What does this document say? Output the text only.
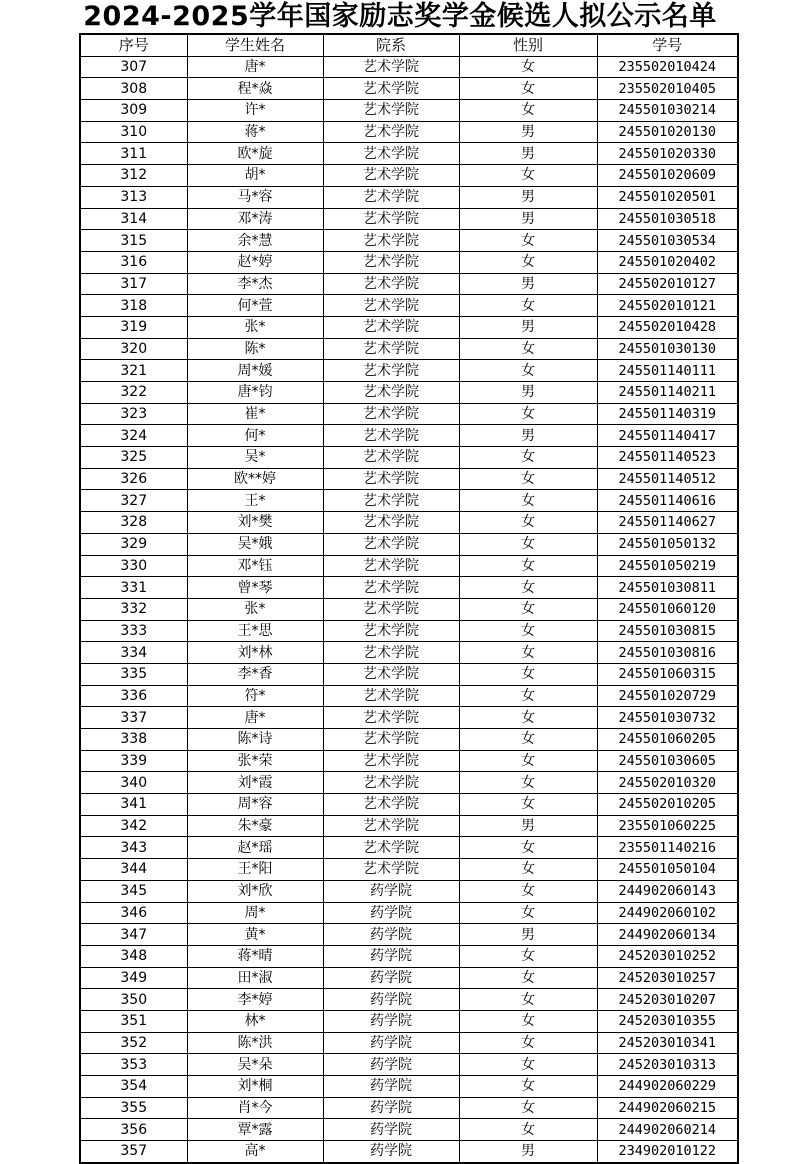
2024-2025学年国家励志奖学金候选人拟公示名单
序号	学生姓名	院系	性别	学号
307	唐*	艺术学院	女	235502010424
308	程*焱	艺术学院	女	235502010405
309	许*	艺术学院	女	245501030214
310	蒋*	艺术学院	男	245501020130
311	欧*旋	艺术学院	男	245501020330
312	胡*	艺术学院	女	245501020609
313	马*容	艺术学院	男	245501020501
314	邓*涛	艺术学院	男	245501030518
315	余*慧	艺术学院	女	245501030534
316	赵*婷	艺术学院	女	245501020402
317	李*杰	艺术学院	男	245502010127
318	何*萱	艺术学院	女	245502010121
319	张*	艺术学院	男	245502010428
320	陈*	艺术学院	女	245501030130
321	周*媛	艺术学院	女	245501140111
322	唐*钧	艺术学院	男	245501140211
323	崔*	艺术学院	女	245501140319
324	何*	艺术学院	男	245501140417
325	吴*	艺术学院	女	245501140523
326	欧**婷	艺术学院	女	245501140512
327	王*	艺术学院	女	245501140616
328	刘*樊	艺术学院	女	245501140627
329	吴*娥	艺术学院	女	245501050132
330	邓*钰	艺术学院	女	245501050219
331	曾*琴	艺术学院	女	245501030811
332	张*	艺术学院	女	245501060120
333	王*思	艺术学院	女	245501030815
334	刘*林	艺术学院	女	245501030816
335	李*香	艺术学院	女	245501060315
336	符*	艺术学院	女	245501020729
337	唐*	艺术学院	女	245501030732
338	陈*诗	艺术学院	女	245501060205
339	张*荣	艺术学院	女	245501030605
340	刘*霞	艺术学院	女	245502010320
341	周*容	艺术学院	女	245502010205
342	朱*豪	艺术学院	男	235501060225
343	赵*瑶	艺术学院	女	235501140216
344	王*阳	艺术学院	女	245501050104
345	刘*欣	药学院	女	244902060143
346	周*	药学院	女	244902060102
347	黄*	药学院	男	244902060134
348	蒋*晴	药学院	女	245203010252
349	田*淑	药学院	女	245203010257
350	李*婷	药学院	女	245203010207
351	林*	药学院	女	245203010355
352	陈*洪	药学院	女	245203010341
353	吴*朵	药学院	女	245203010313
354	刘*桐	药学院	女	244902060229
355	肖*今	药学院	女	244902060215
356	覃*露	药学院	女	244902060214
357	高*	药学院	男	234902010122
